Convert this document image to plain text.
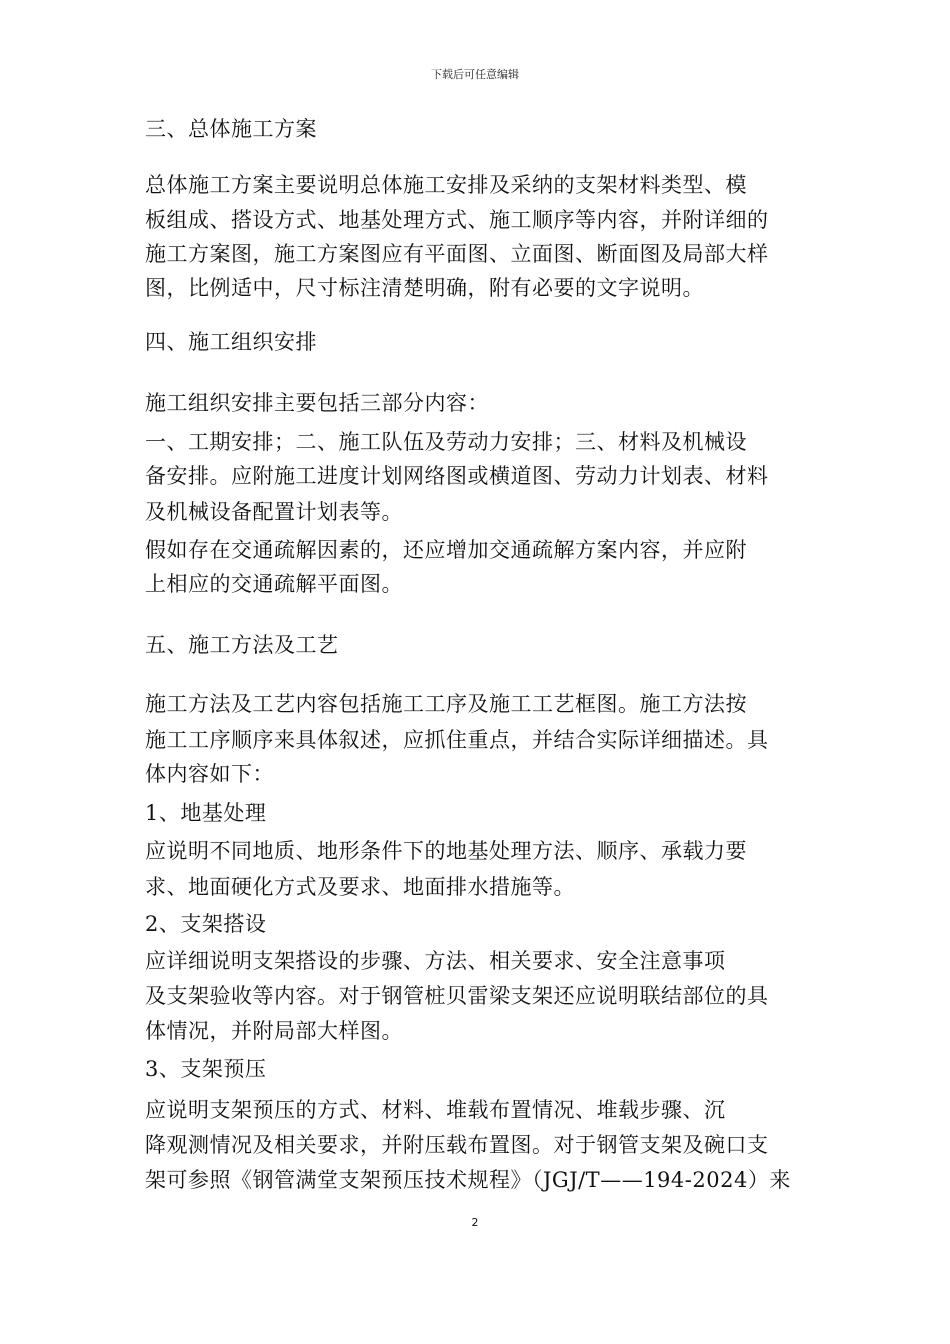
下载后可任意编辑
三、总体施工方案
总体施工方案主要说明总体施工安排及采纳的支架材料类型、模
板组成、搭设方式、地基处理方式、施工顺序等内容，并附详细的
施工方案图，施工方案图应有平面图、立面图、断面图及局部大样
图，比例适中，尺寸标注清楚明确，附有必要的文字说明。
四、施工组织安排
施工组织安排主要包括三部分内容：
一、工期安排；二、施工队伍及劳动力安排；三、材料及机械设
备安排。应附施工进度计划网络图或横道图、劳动力计划表、材料
及机械设备配置计划表等。
假如存在交通疏解因素的，还应增加交通疏解方案内容，并应附
上相应的交通疏解平面图。
五、施工方法及工艺
施工方法及工艺内容包括施工工序及施工工艺框图。施工方法按
施工工序顺序来具体叙述，应抓住重点，并结合实际详细描述。具
体内容如下：
1、地基处理
应说明不同地质、地形条件下的地基处理方法、顺序、承载力要
求、地面硬化方式及要求、地面排水措施等。
2、支架搭设
应详细说明支架搭设的步骤、方法、相关要求、安全注意事项
及支架验收等内容。对于钢管桩贝雷梁支架还应说明联结部位的具
体情况，并附局部大样图。
3、支架预压
应说明支架预压的方式、材料、堆载布置情况、堆载步骤、沉
降观测情况及相关要求，并附压载布置图。对于钢管支架及碗口支
架可参照《钢管满堂支架预压技术规程》（JGJ/T——194-2024）来
2
